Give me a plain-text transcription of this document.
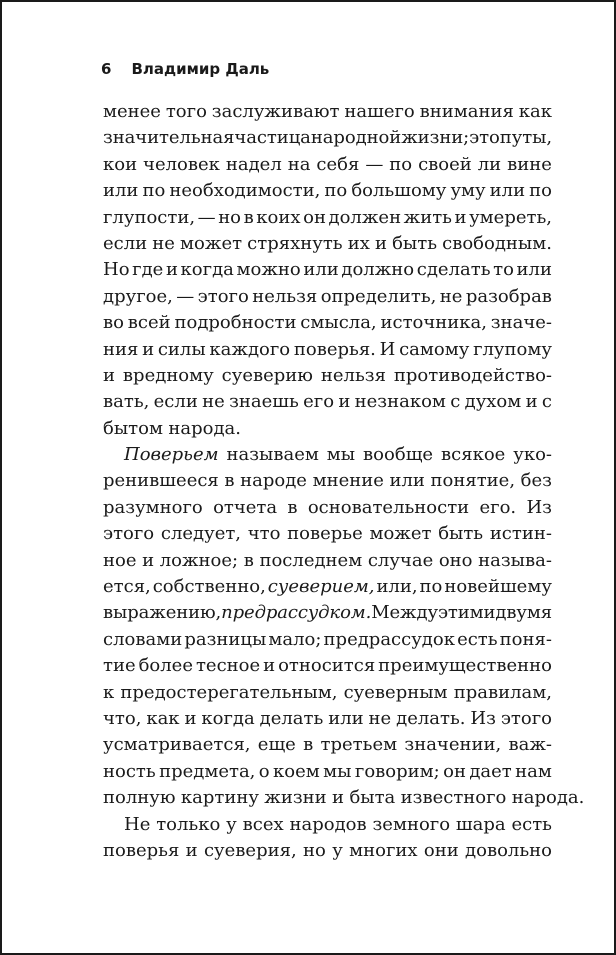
6 Владимир Даль
менее того заслуживают нашего внимания как
значительная частица народной жизни; это путы,
кои человек надел на себя — по своей ли вине
или по необходимости, по большому уму или по
глупости, — но в коих он должен жить и умереть,
если не может стряхнуть их и быть свободным.
Но где и когда можно или должно сделать то или
другое, — этого нельзя определить, не разобрав
во всей подробности смысла, источника, значе-
ния и силы каждого поверья. И самому глупому
и вредному суеверию нельзя противодейство-
вать, если не знаешь его и незнаком с духом и с
бытом народа.
Поверьем называем мы вообще всякое уко-
ренившееся в народе мнение или понятие, без
разумного отчета в основательности его. Из
этого следует, что поверье может быть истин-
ное и ложное; в последнем случае оно называ-
ется, собственно, суеверием, или, по новейшему
выражению, предрассудком. Между этими двумя
словами разницы мало; предрассудок есть поня-
тие более тесное и относится преимущественно
к предостерегательным, суеверным правилам,
что, как и когда делать или не делать. Из этого
усматривается, еще в третьем значении, важ-
ность предмета, о коем мы говорим; он дает нам
полную картину жизни и быта известного народа.
Не только у всех народов земного шара есть
поверья и суеверия, но у многих они довольно
